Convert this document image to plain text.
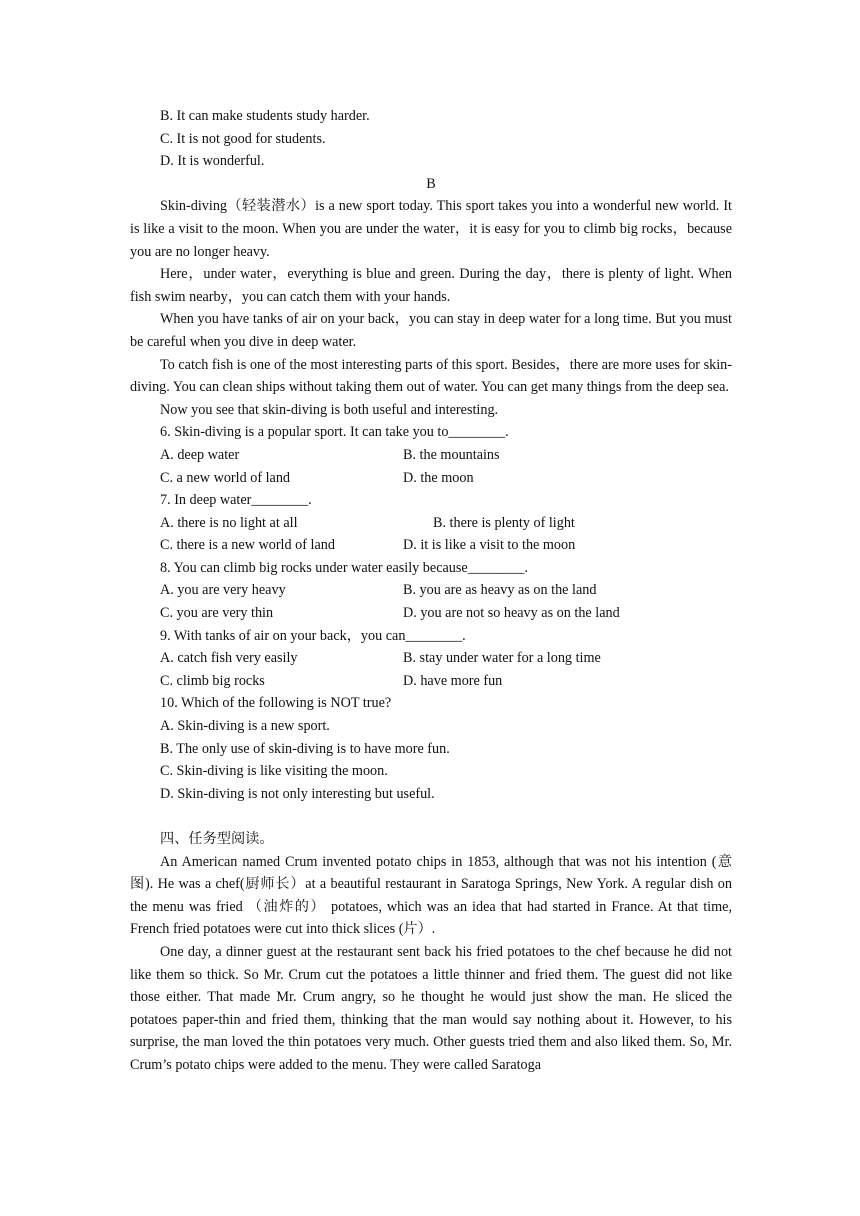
B. It can make students study harder.

C. It is not good for students.

D. It is wonderful.

B

Skin-diving（轻装潜水）is a new sport today. This sport takes you into a wonderful new world. It is like a visit to the moon. When you are under the water，it is easy for you to climb big rocks，because you are no longer heavy.

Here，under water，everything is blue and green. During the day，there is plenty of light. When fish swim nearby，you can catch them with your hands.

When you have tanks of air on your back，you can stay in deep water for a long time. But you must be careful when you dive in deep water.

To catch fish is one of the most interesting parts of this sport. Besides，there are more uses for skin-diving. You can clean ships without taking them out of water. You can get many things from the deep sea.

Now you see that skin-diving is both useful and interesting.

6. Skin-diving is a popular sport. It can take you to________.

A. deep water	B. the mountains
C. a new world of land	D. the moon

7. In deep water________.

A. there is no light at all	B. there is plenty of light
C. there is a new world of land	D. it is like a visit to the moon

8. You can climb big rocks under water easily because________.

A. you are very heavy	B. you are as heavy as on the land
C. you are very thin	D. you are not so heavy as on the land

9. With tanks of air on your back，you can________.

A. catch fish very easily	B. stay under water for a long time
C. climb big rocks	D. have more fun

10. Which of the following is NOT true?

A. Skin-diving is a new sport.

B. The only use of skin-diving is to have more fun.

C. Skin-diving is like visiting the moon.

D. Skin-diving is not only interesting but useful.

四、任务型阅读。

An American named Crum invented potato chips in 1853, although that was not his intention (意图). He was a chef(厨师长）at a beautiful restaurant in Saratoga Springs, New York. A regular dish on the menu was fried （油炸的） potatoes, which was an idea that had started in France. At that time, French fried potatoes were cut into thick slices (片）.

One day, a dinner guest at the restaurant sent back his fried potatoes to the chef because he did not like them so thick. So Mr. Crum cut the potatoes a little thinner and fried them. The guest did not like those either. That made Mr. Crum angry, so he thought he would just show the man. He sliced the potatoes paper-thin and fried them, thinking that the man would say nothing about it. However, to his surprise, the man loved the thin potatoes very much. Other guests tried them and also liked them. So, Mr. Crum’s potato chips were added to the menu. They were called Saratoga
